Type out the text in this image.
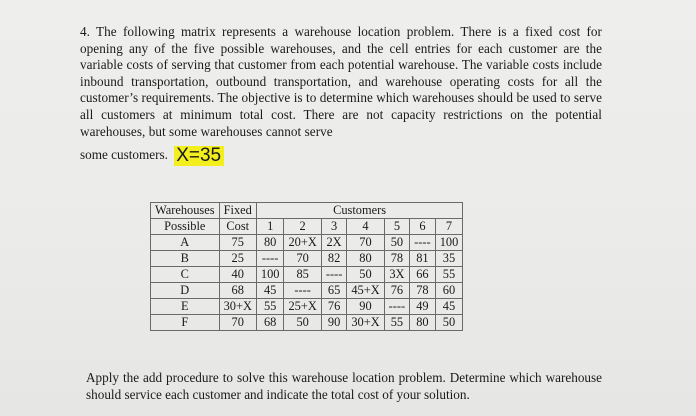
4. The following matrix represents a warehouse location problem. There is a fixed cost for opening any of the five possible warehouses, and the cell entries for each customer are the variable costs of serving that customer from each potential warehouse. The variable costs include inbound transportation, outbound transportation, and warehouse operating costs for all the customer’s requirements. The objective is to determine which warehouses should be used to serve all customers at minimum total cost. There are not capacity restrictions on the potential warehouses, but some warehouses cannot serve

some customers. X=35
Warehouses	Fixed	Customers						
Possible	Cost	1	2	3	4	5	6	7
A	75	80	20+X	2X	70	50	----	100
B	25	----	70	82	80	78	81	35
C	40	100	85	----	50	3X	66	55
D	68	45	----	65	45+X	76	78	60
E	30+X	55	25+X	76	90	----	49	45
F	70	68	50	90	30+X	55	80	50

Apply the add procedure to solve this warehouse location problem. Determine which warehouse should service each customer and indicate the total cost of your solution.
